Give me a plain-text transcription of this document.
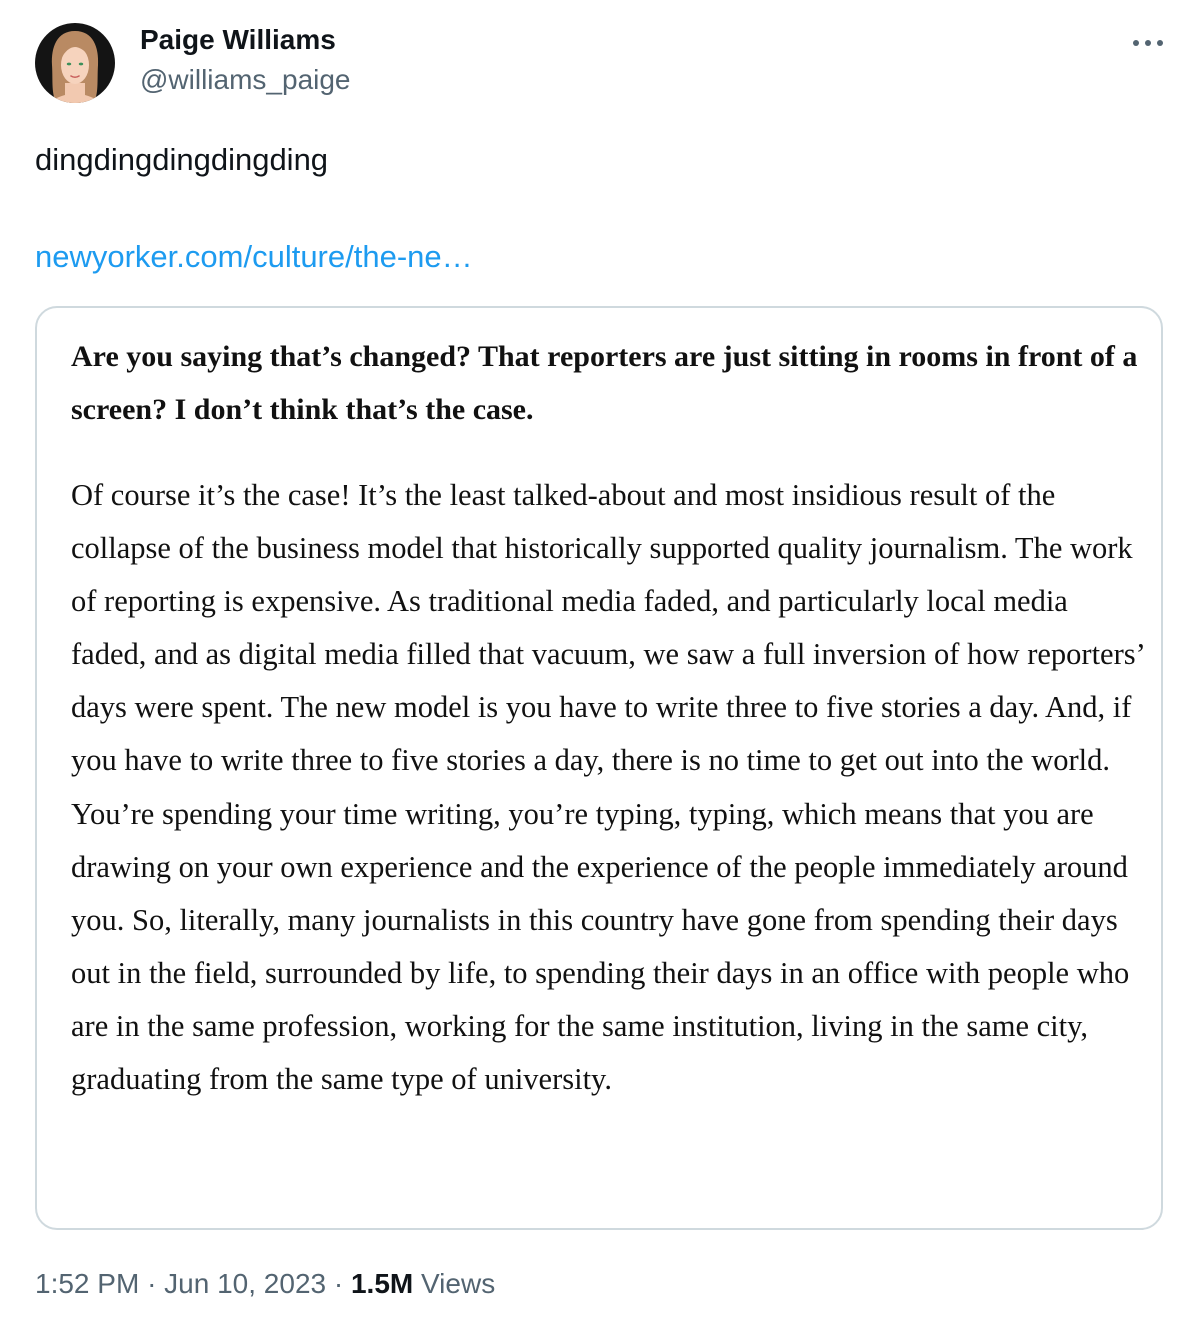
Paige Williams
@williams_paige
dingdingdingdingding
newyorker.com/culture/the-ne…
Are you saying that’s changed? That reporters are just sitting in rooms in front of a screen? I don’t think that’s the case.
Of course it’s the case! It’s the least talked-about and most insidious result of the collapse of the business model that historically supported quality journalism. The work of reporting is expensive. As traditional media faded, and particularly local media faded, and as digital media filled that vacuum, we saw a full inversion of how reporters’ days were spent. The new model is you have to write three to five stories a day. And, if you have to write three to five stories a day, there is no time to get out into the world. You’re spending your time writing, you’re typing, typing, which means that you are drawing on your own experience and the experience of the people immediately around you. So, literally, many journalists in this country have gone from spending their days out in the field, surrounded by life, to spending their days in an office with people who are in the same profession, working for the same institution, living in the same city, graduating from the same type of university.
1:52 PM · Jun 10, 2023 · 1.5M Views
